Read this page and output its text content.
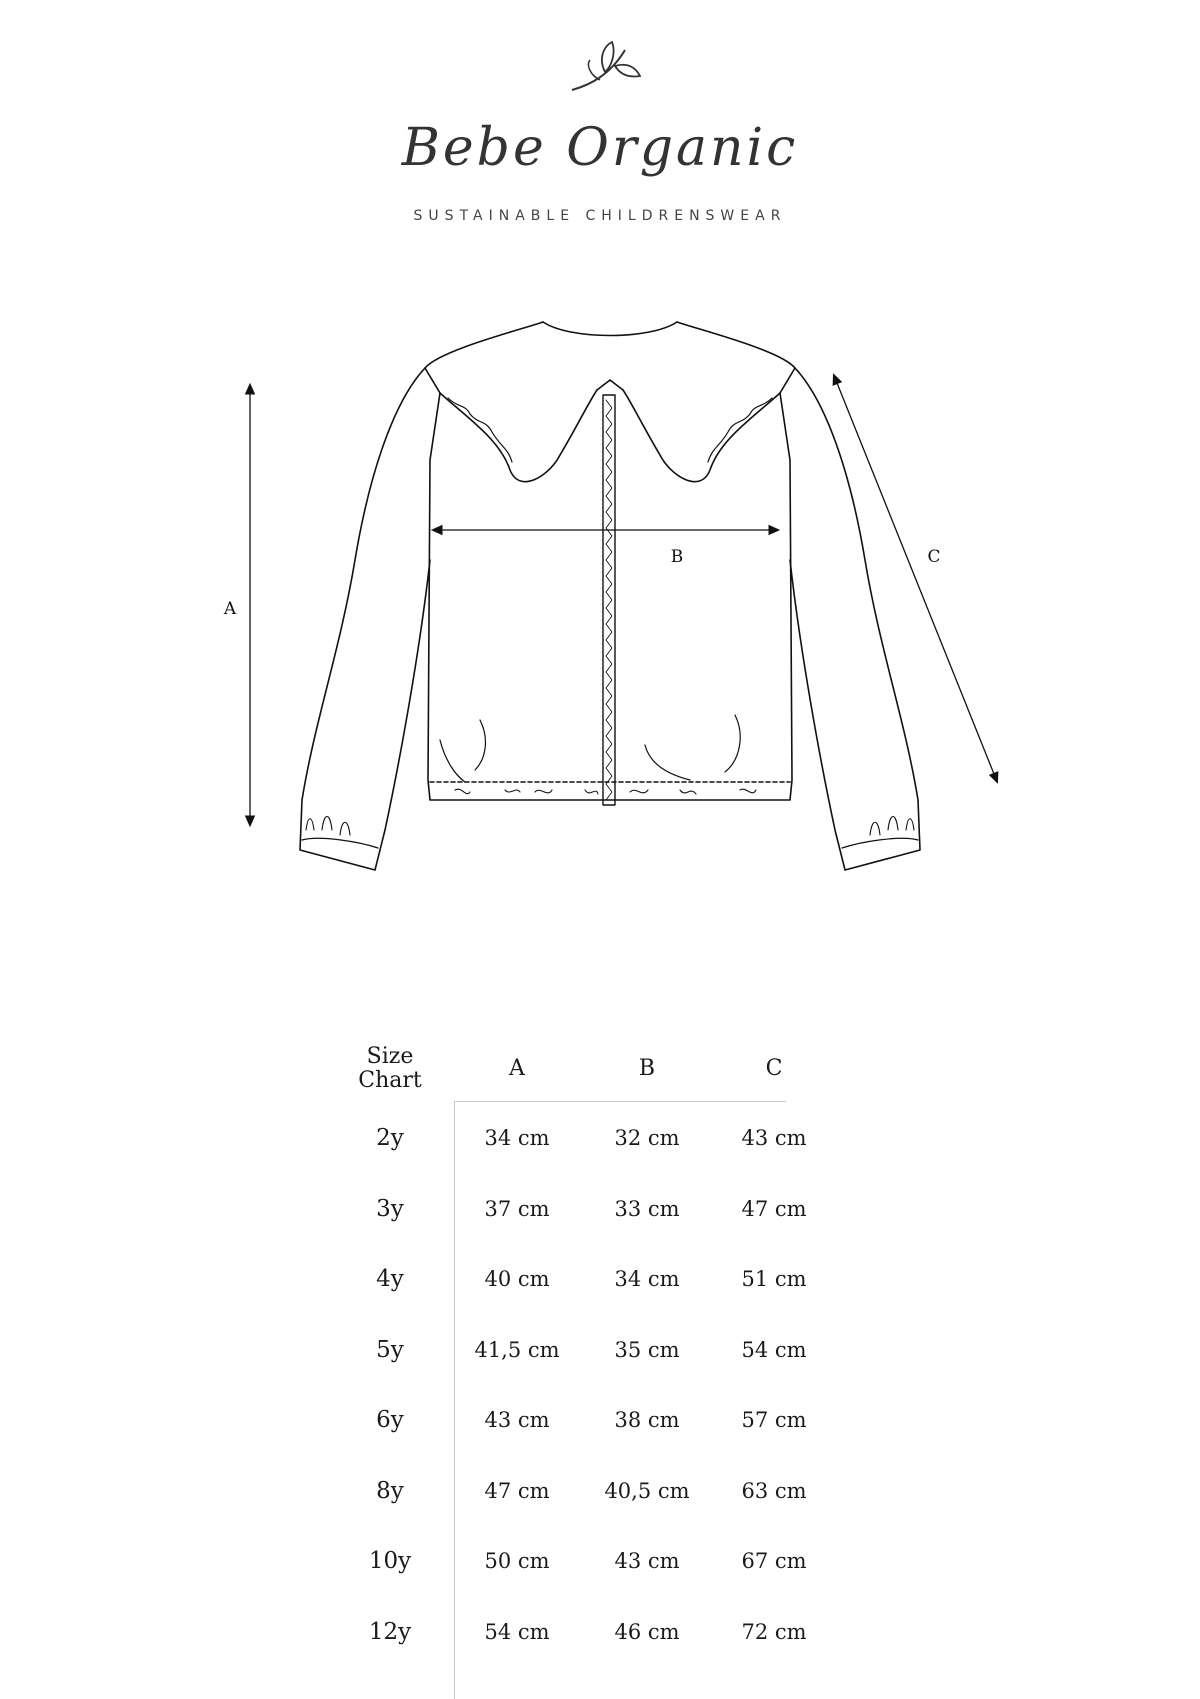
Bebe Organic
SUSTAINABLE CHILDRENSWEAR
A
B	C
Size
Chart	A	B	C
2y	34 cm	32 cm	43 cm
3y	37 cm	33 cm	47 cm
4y	40 cm	34 cm	51 cm
5y	41,5 cm	35 cm	54 cm
6y	43 cm	38 cm	57 cm
8y	47 cm	40,5 cm	63 cm
10y	50 cm	43 cm	67 cm
12y	54 cm	46 cm	72 cm
